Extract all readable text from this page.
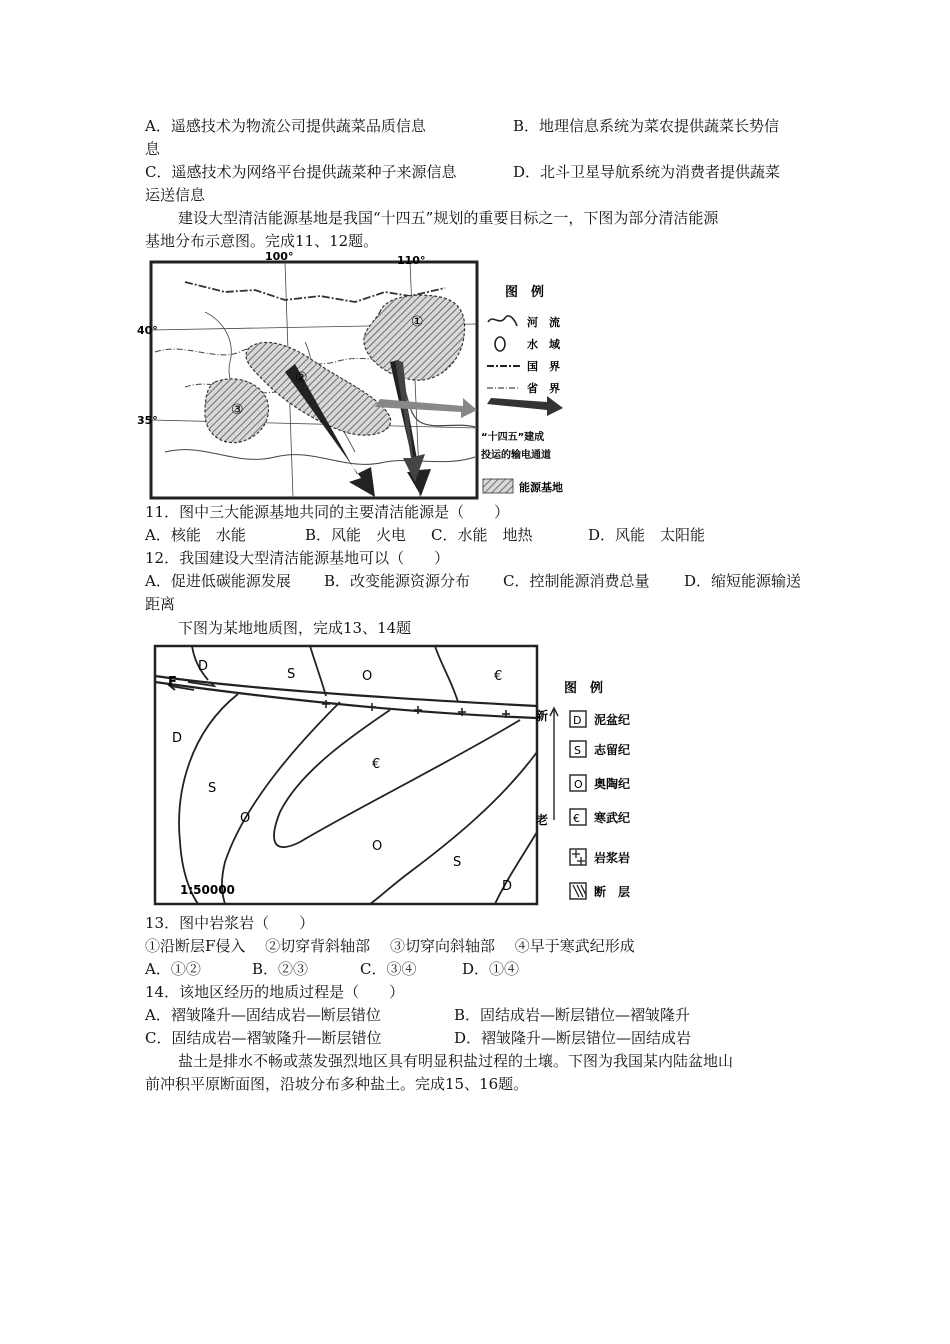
A．遥感技术为物流公司提供蔬菜品质信息	B．地理信息系统为菜农提供蔬菜长势信
息
C．遥感技术为网络平台提供蔬菜种子来源信息	D．北斗卫星导航系统为消费者提供蔬菜
运送信息
建设大型清洁能源基地是我国“十四五”规划的重要目标之一，下图为部分清洁能源
基地分布示意图。完成11、12题。
100°	110°
40°
35°
①
②
③
图　例
河　流
水　域
国　界
省　界
“十四五”建成
投运的输电通道
能源基地
11．图中三大能源基地共同的主要清洁能源是（　　）
A．核能　水能	B．风能　火电 C．水能　地热	D．风能　太阳能
12．我国建设大型清洁能源基地可以（　　）
A．促进低碳能源发展 B．改变能源资源分布 C．控制能源消费总量 D．缩短能源输送
距离
下图为某地地质图，完成13、14题
F
D
S	O	€
D
S
O
€
O
S
D
1:50000
图　例
新
老
D 泥盆纪
S 志留纪
O 奥陶纪
€ 寒武纪
岩浆岩
断　层
13．图中岩浆岩（　　）
①沿断层F侵入　 ②切穿背斜轴部　 ③切穿向斜轴部　 ④早于寒武纪形成
A．①②	B．②③	C．③④	D．①④
14．该地区经历的地质过程是（　　）
A．褶皱隆升—固结成岩—断层错位	B．固结成岩—断层错位—褶皱隆升
C．固结成岩—褶皱隆升—断层错位	D．褶皱隆升—断层错位—固结成岩
盐土是排水不畅或蒸发强烈地区具有明显积盐过程的土壤。下图为我国某内陆盆地山
前冲积平原断面图，沿坡分布多种盐土。完成15、16题。
